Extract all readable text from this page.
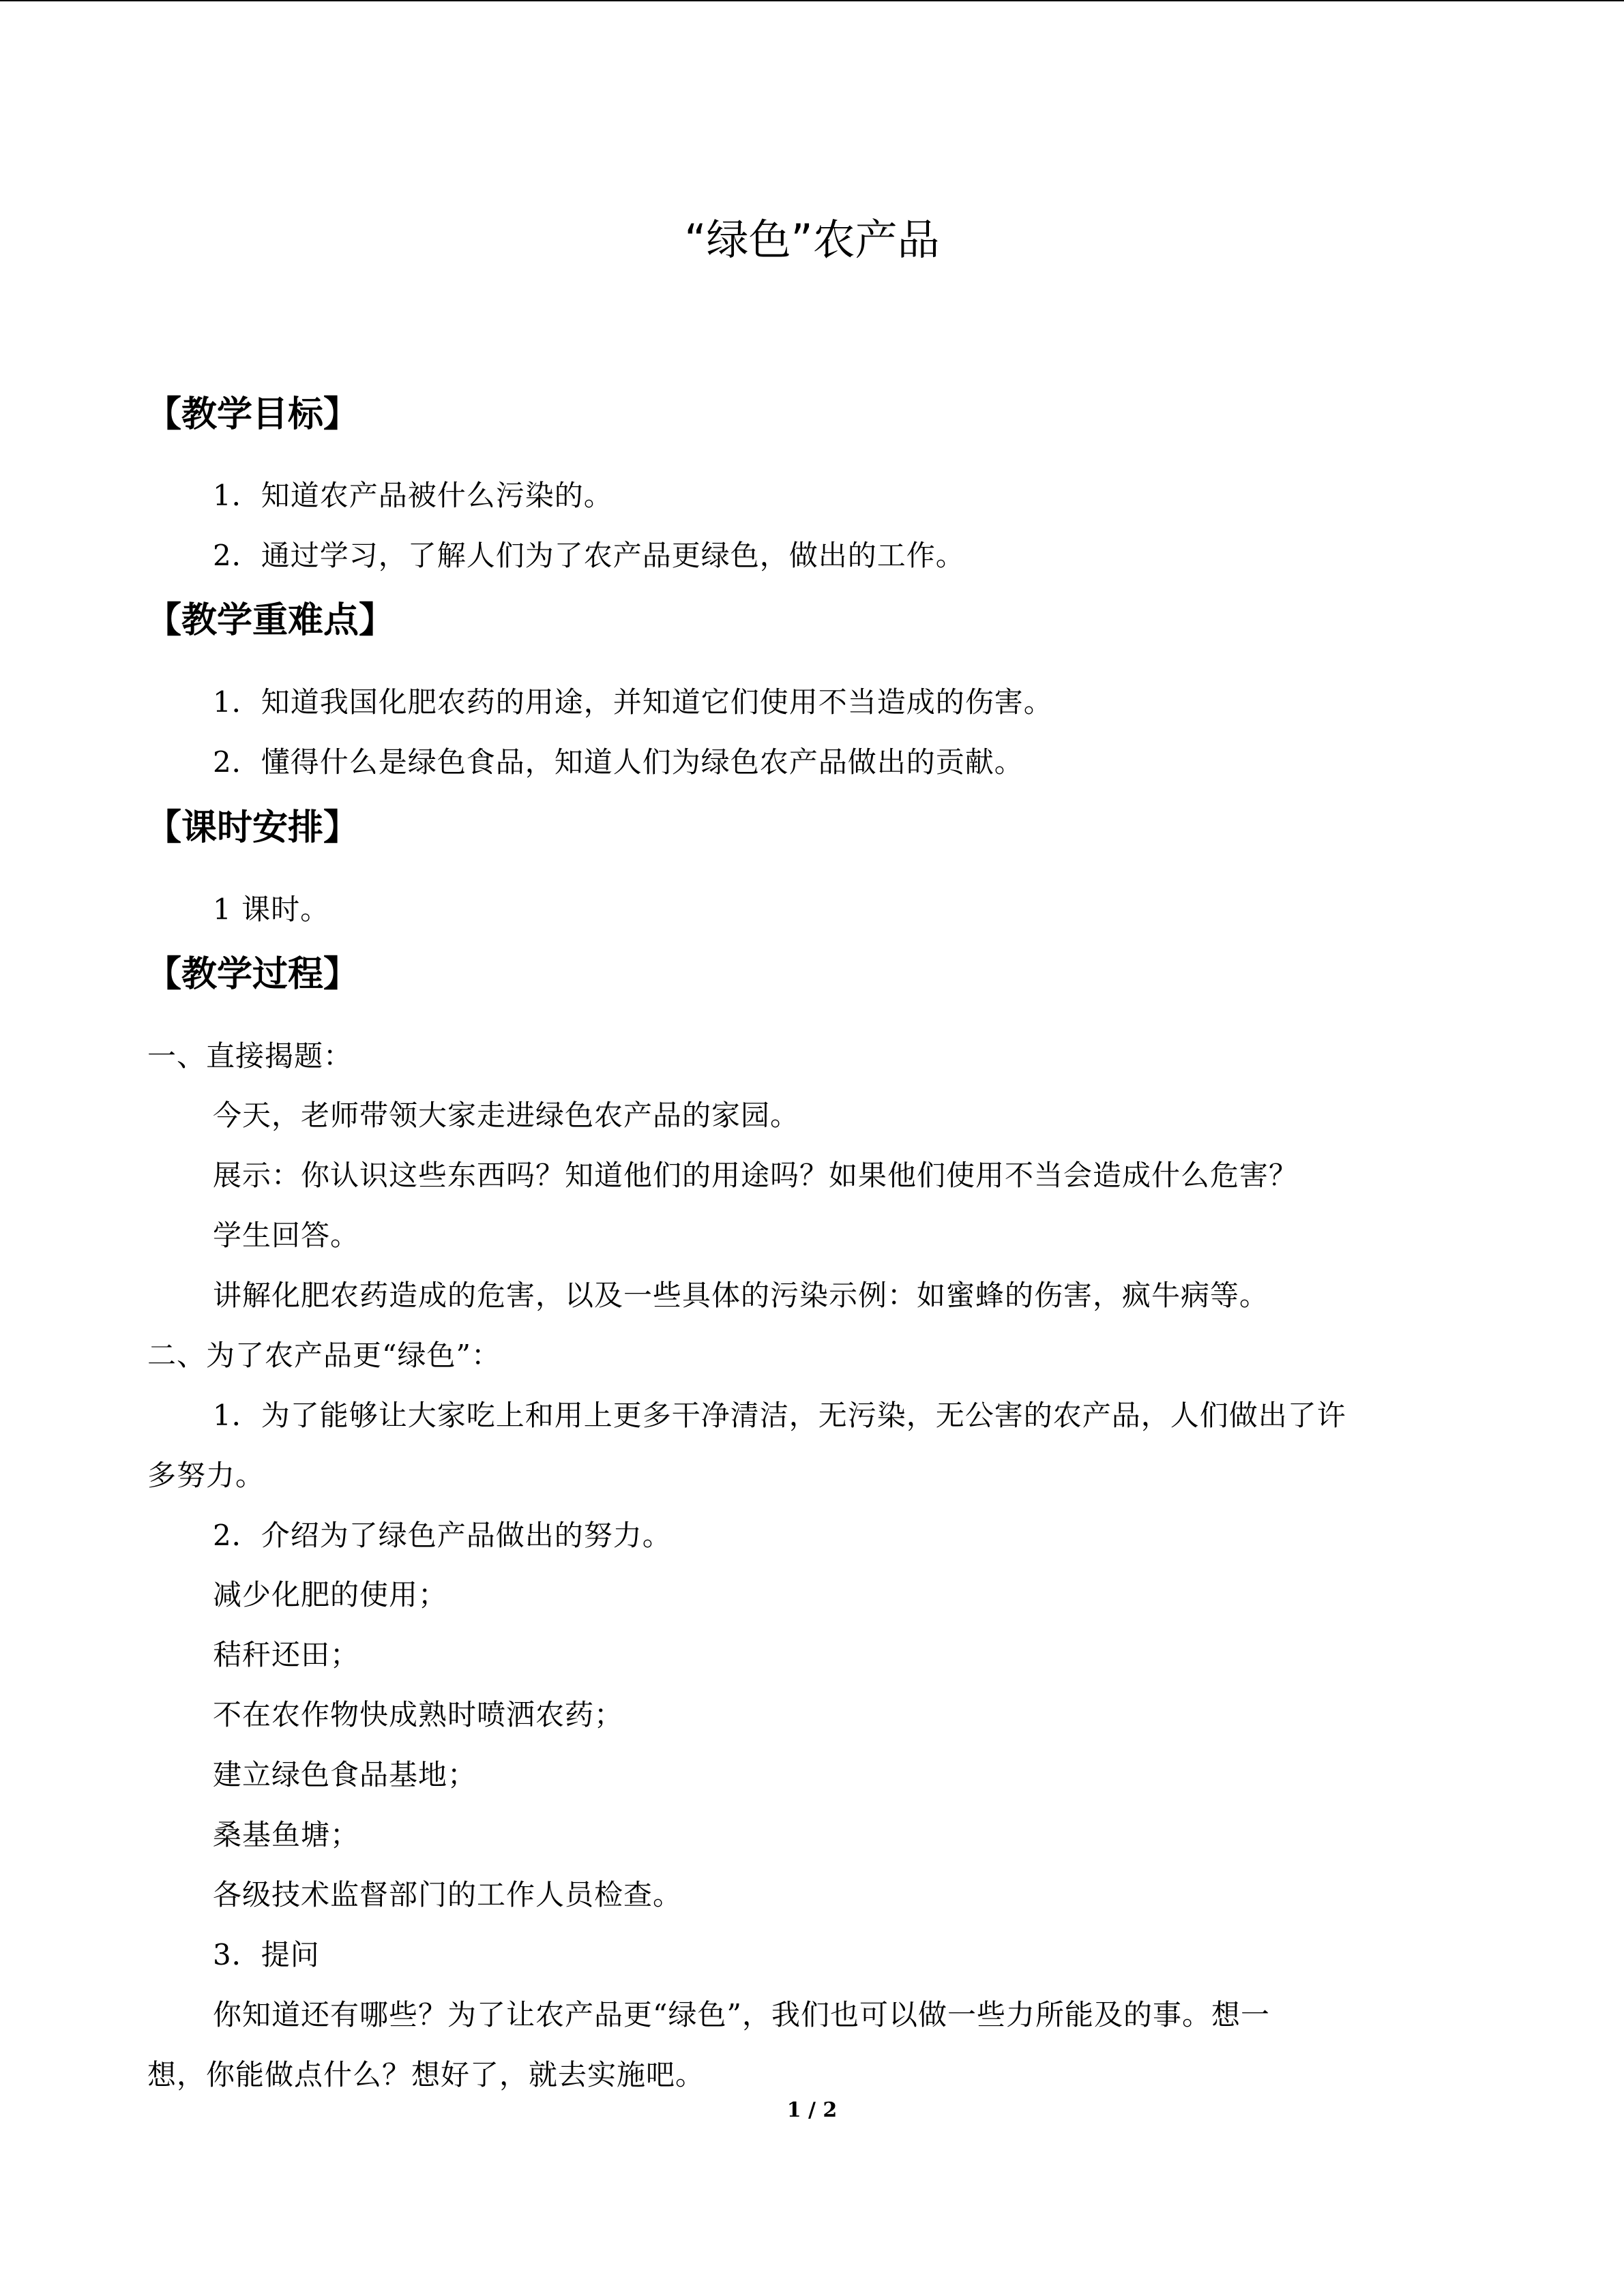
“绿色”农产品
【教学目标】
1．知道农产品被什么污染的。
2．通过学习，了解人们为了农产品更绿色，做出的工作。
【教学重难点】
1．知道我国化肥农药的用途，并知道它们使用不当造成的伤害。
2．懂得什么是绿色食品，知道人们为绿色农产品做出的贡献。
【课时安排】
1 课时。
【教学过程】
一、直接揭题：
今天，老师带领大家走进绿色农产品的家园。
展示：你认识这些东西吗？知道他们的用途吗？如果他们使用不当会造成什么危害？
学生回答。
讲解化肥农药造成的危害，以及一些具体的污染示例：如蜜蜂的伤害，疯牛病等。
二、为了农产品更“绿色”：
1．为了能够让大家吃上和用上更多干净清洁，无污染，无公害的农产品，人们做出了许
多努力。
2．介绍为了绿色产品做出的努力。
减少化肥的使用；
秸秆还田；
不在农作物快成熟时喷洒农药；
建立绿色食品基地；
桑基鱼塘；
各级技术监督部门的工作人员检查。
3．提问
你知道还有哪些？为了让农产品更“绿色”，我们也可以做一些力所能及的事。想一
想，你能做点什么？想好了，就去实施吧。
1 / 2
